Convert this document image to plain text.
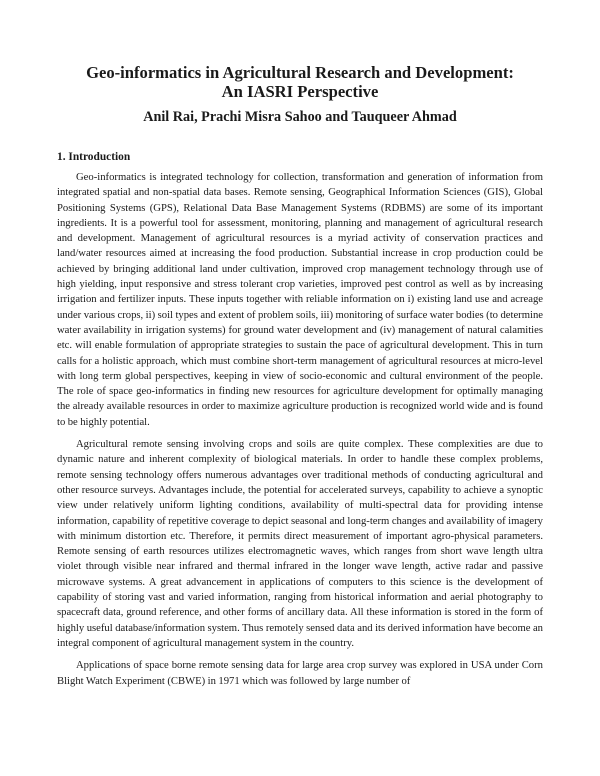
Geo-informatics in Agricultural Research and Development:
An IASRI Perspective

Anil Rai, Prachi Misra Sahoo and Tauqueer Ahmad

1. Introduction

Geo-informatics is integrated technology for collection, transformation and generation of information from integrated spatial and non-spatial data bases. Remote sensing, Geographical Information Sciences (GIS), Global Positioning Systems (GPS), Relational Data Base Management Systems (RDBMS) are some of its important ingredients. It is a powerful tool for assessment, monitoring, planning and management of agricultural research and development. Management of agricultural resources is a myriad activity of conservation practices and land/water resources aimed at increasing the food production. Substantial increase in crop production could be achieved by bringing additional land under cultivation, improved crop management technology through use of high yielding, input responsive and stress tolerant crop varieties, improved pest control as well as by increasing irrigation and fertilizer inputs. These inputs together with reliable information on i) existing land use and acreage under various crops, ii) soil types and extent of problem soils, iii) monitoring of surface water bodies (to determine water availability in irrigation systems) for ground water development and (iv) management of natural calamities etc. will enable formulation of appropriate strategies to sustain the pace of agricultural development. This in turn calls for a holistic approach, which must combine short-term management of agricultural resources at micro-level with long term global perspectives, keeping in view of socio-economic and cultural environment of the people. The role of space geo-informatics in finding new resources for agriculture development for optimally managing the already available resources in order to maximize agriculture production is recognized world wide and is found to be highly potential.

Agricultural remote sensing involving crops and soils are quite complex. These complexities are due to dynamic nature and inherent complexity of biological materials. In order to handle these complex problems, remote sensing technology offers numerous advantages over traditional methods of conducting agricultural and other resource surveys. Advantages include, the potential for accelerated surveys, capability to achieve a synoptic view under relatively uniform lighting conditions, availability of multi-spectral data for providing intense information, capability of repetitive coverage to depict seasonal and long-term changes and availability of imagery with minimum distortion etc. Therefore, it permits direct measurement of important agro-physical parameters. Remote sensing of earth resources utilizes electromagnetic waves, which ranges from short wave length ultra violet through visible near infrared and thermal infrared in the longer wave length, active radar and passive microwave systems. A great advancement in applications of computers to this science is the development of capability of storing vast and varied information, ranging from historical information and aerial photography to spacecraft data, ground reference, and other forms of ancillary data. All these information is stored in the form of highly useful database/information system. Thus remotely sensed data and its derived information have become an integral component of agricultural management system in the country.

Applications of space borne remote sensing data for large area crop survey was explored in USA under Corn Blight Watch Experiment (CBWE) in 1971 which was followed by large number of
